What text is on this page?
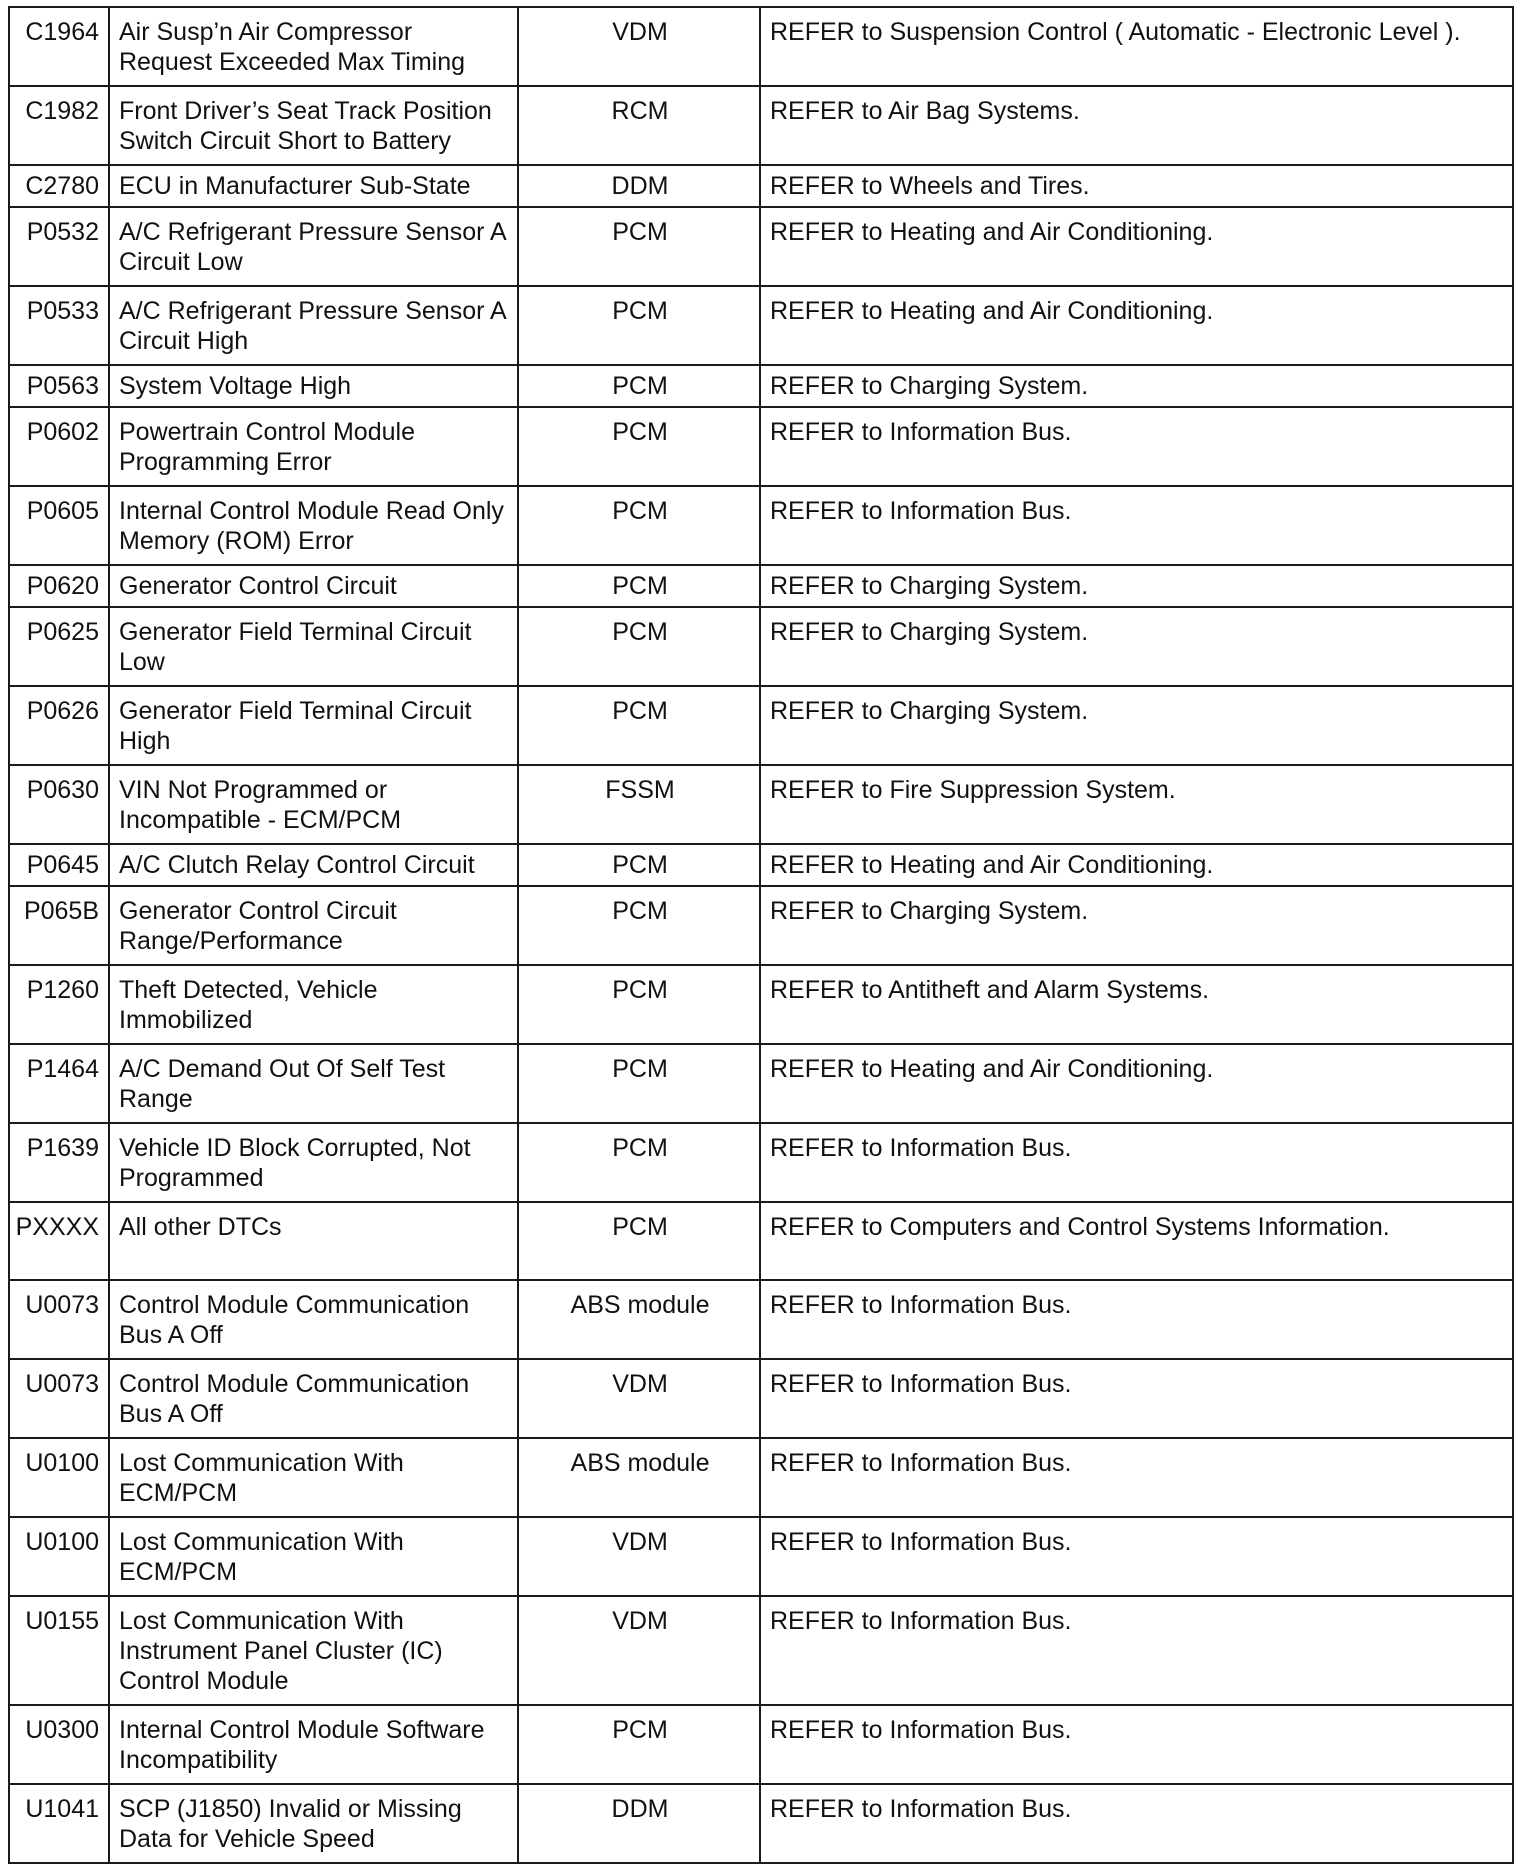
C1964	Air Susp’n Air Compressor Request Exceeded Max Timing	VDM	REFER to Suspension Control ( Automatic - Electronic Level ).
C1982	Front Driver’s Seat Track Position Switch Circuit Short to Battery	RCM	REFER to Air Bag Systems.
C2780	ECU in Manufacturer Sub-State	DDM	REFER to Wheels and Tires.
P0532	A/C Refrigerant Pressure Sensor A Circuit Low	PCM	REFER to Heating and Air Conditioning.
P0533	A/C Refrigerant Pressure Sensor A Circuit High	PCM	REFER to Heating and Air Conditioning.
P0563	System Voltage High	PCM	REFER to Charging System.
P0602	Powertrain Control Module Programming Error	PCM	REFER to Information Bus.
P0605	Internal Control Module Read Only Memory (ROM) Error	PCM	REFER to Information Bus.
P0620	Generator Control Circuit	PCM	REFER to Charging System.
P0625	Generator Field Terminal Circuit Low	PCM	REFER to Charging System.
P0626	Generator Field Terminal Circuit High	PCM	REFER to Charging System.
P0630	VIN Not Programmed or Incompatible - ECM/PCM	FSSM	REFER to Fire Suppression System.
P0645	A/C Clutch Relay Control Circuit	PCM	REFER to Heating and Air Conditioning.
P065B	Generator Control Circuit Range/Performance	PCM	REFER to Charging System.
P1260	Theft Detected, Vehicle Immobilized	PCM	REFER to Antitheft and Alarm Systems.
P1464	A/C Demand Out Of Self Test Range	PCM	REFER to Heating and Air Conditioning.
P1639	Vehicle ID Block Corrupted, Not Programmed	PCM	REFER to Information Bus.
PXXXX	All other DTCs	PCM	REFER to Computers and Control Systems Information.
U0073	Control Module Communication Bus A Off	ABS module	REFER to Information Bus.
U0073	Control Module Communication Bus A Off	VDM	REFER to Information Bus.
U0100	Lost Communication With ECM/PCM	ABS module	REFER to Information Bus.
U0100	Lost Communication With ECM/PCM	VDM	REFER to Information Bus.
U0155	Lost Communication With Instrument Panel Cluster (IC) Control Module	VDM	REFER to Information Bus.
U0300	Internal Control Module Software Incompatibility	PCM	REFER to Information Bus.
U1041	SCP (J1850) Invalid or Missing Data for Vehicle Speed	DDM	REFER to Information Bus.
